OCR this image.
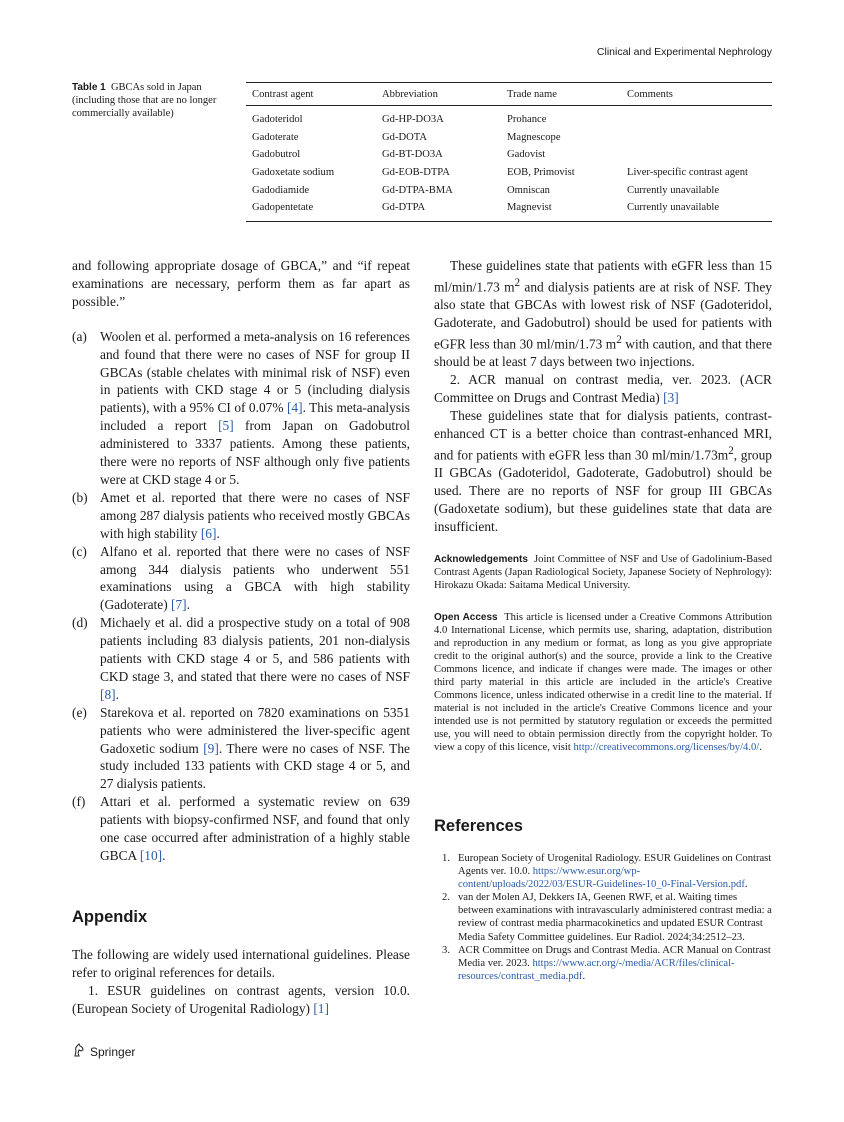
Clinical and Experimental Nephrology
Table 1 GBCAs sold in Japan (including those that are no longer commercially available)
Contrast agent	Abbreviation	Trade name	Comments
Gadoteridol	Gd-HP-DO3A	Prohance
Gadoterate	Gd-DOTA	Magnescope
Gadobutrol	Gd-BT-DO3A	Gadovist
Gadoxetate sodium	Gd-EOB-DTPA	EOB, Primovist	Liver-specific contrast agent
Gadodiamide	Gd-DTPA-BMA	Omniscan	Currently unavailable
Gadopentetate	Gd-DTPA	Magnevist	Currently unavailable

and following appropriate dosage of GBCA,” and “if repeat examinations are necessary, perform them as far apart as possible.”

(a) Woolen et al. performed a meta-analysis on 16 references and found that there were no cases of NSF for group II GBCAs (stable chelates with minimal risk of NSF) even in patients with CKD stage 4 or 5 (including dialysis patients), with a 95% CI of 0.07% [4]. This meta-analysis included a report [5] from Japan on Gadobutrol administered to 3337 patients. Among these patients, there were no reports of NSF although only five patients were at CKD stage 4 or 5.
(b) Amet et al. reported that there were no cases of NSF among 287 dialysis patients who received mostly GBCAs with high stability [6].
(c) Alfano et al. reported that there were no cases of NSF among 344 dialysis patients who underwent 551 examinations using a GBCA with high stability (Gadoterate) [7].
(d) Michaely et al. did a prospective study on a total of 908 patients including 83 dialysis patients, 201 non-dialysis patients with CKD stage 4 or 5, and 586 patients with CKD stage 3, and stated that there were no cases of NSF [8].
(e) Starekova et al. reported on 7820 examinations on 5351 patients who were administered the liver-specific agent Gadoxetic sodium [9]. There were no cases of NSF. The study included 133 patients with CKD stage 4 or 5, and 27 dialysis patients.
(f)	Attari et al. performed a systematic review on 639 patients with biopsy-confirmed NSF, and found that only one case occurred after administration of a highly stable GBCA [10].
Appendix

The following are widely used international guidelines. Please refer to original references for details.

1. ESUR guidelines on contrast agents, version 10.0. (European Society of Urogenital Radiology) [1]

These guidelines state that patients with eGFR less than 15 ml/min/1.73 $m^2$ and dialysis patients are at risk of NSF. They also state that GBCAs with lowest risk of NSF (Gadoteridol, Gadoterate, and Gadobutrol) should be used for patients with eGFR less than 30 ml/min/1.73 $m^2$ with caution, and that there should be at least 7 days between two injections.

2. ACR manual on contrast media, ver. 2023. (ACR Committee on Drugs and Contrast Media) [3]

These guidelines state that for dialysis patients, contrast-enhanced CT is a better choice than contrast-enhanced MRI, and for patients with eGFR less than 30 $ml/\min/1.73m^2$, group II GBCAs (Gadoteridol, Gadoterate, Gadobutrol) should be used. There are no reports of NSF for group III GBCAs (Gadoxetate sodium), but these guidelines state that data are insufficient.

Acknowledgements Joint Committee of NSF and Use of Gadolinium-Based Contrast Agents (Japan Radiological Society, Japanese Society of Nephrology): Hirokazu Okada: Saitama Medical University.
Open Access This article is licensed under a Creative Commons Attribution 4.0 International License, which permits use, sharing, adaptation, distribution and reproduction in any medium or format, as long as you give appropriate credit to the original author(s) and the source, provide a link to the Creative Commons licence, and indicate if changes were made. The images or other third party material in this article are included in the article's Creative Commons licence, unless indicated otherwise in a credit line to the material. If material is not included in the article's Creative Commons licence and your intended use is not permitted by statutory regulation or exceeds the permitted use, you will need to obtain permission directly from the copyright holder. To view a copy of this licence, visit http://creativecommons.org/licenses/by/4.0/.
References
1. European Society of Urogenital Radiology. ESUR Guidelines on Contrast Agents ver. 10.0. https://www.esur.org/wp-content/uploads/2022/03/ESUR-Guidelines-10_0-Final-Version.pdf.
2. van der Molen AJ, Dekkers IA, Geenen RWF, et al. Waiting times between examinations with intravascularly administered contrast media: a review of contrast media pharmacokinetics and updated ESUR Contrast Media Safety Committee guidelines. Eur Radiol. 2024;34:2512–23.
3. ACR Committee on Drugs and Contrast Media. ACR Manual on Contrast Media ver. 2023. https://www.acr.org/-/media/ACR/files/clinical-resources/contrast_media.pdf.
Springer
